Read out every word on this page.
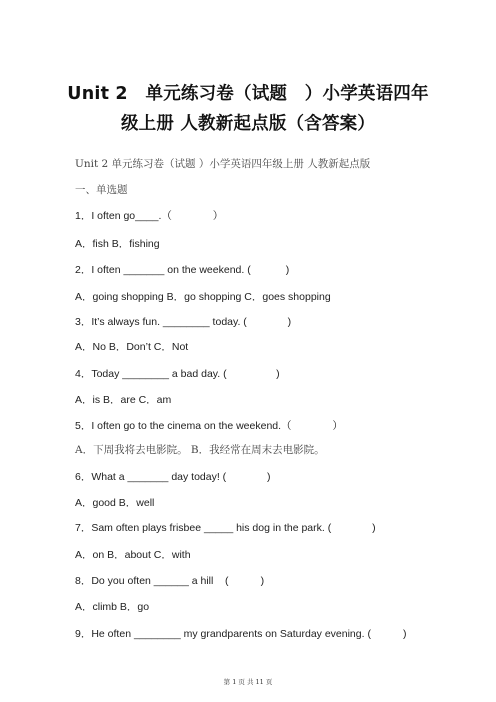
Unit 2　单元练习卷（试题　）小学英语四年
级上册 人教新起点版（含答案）
Unit 2 单元练习卷（试题 ）小学英语四年级上册 人教新起点版
一、单选题
1．I often go____.（              ）
A．fish B．fishing
2．I often _______ on the weekend. (            )
A．going shopping B．go shopping C．goes shopping
3．It’s always fun. ________ today. (              )
A．No B．Don’t C．Not
4．Today ________ a bad day. (                 )
A．is B．are C．am
5．I often go to the cinema on the weekend.（              ）
A．下周我将去电影院。 B．我经常在周末去电影院。
6．What a _______ day today! (              )
A．good B．well
7．Sam often plays frisbee _____ his dog in the park. (              )
A．on B．about C．with
8．Do you often ______ a hill    (           )
A．climb B．go
9．He often ________ my grandparents on Saturday evening. (           )
第 1 页 共 11 页
